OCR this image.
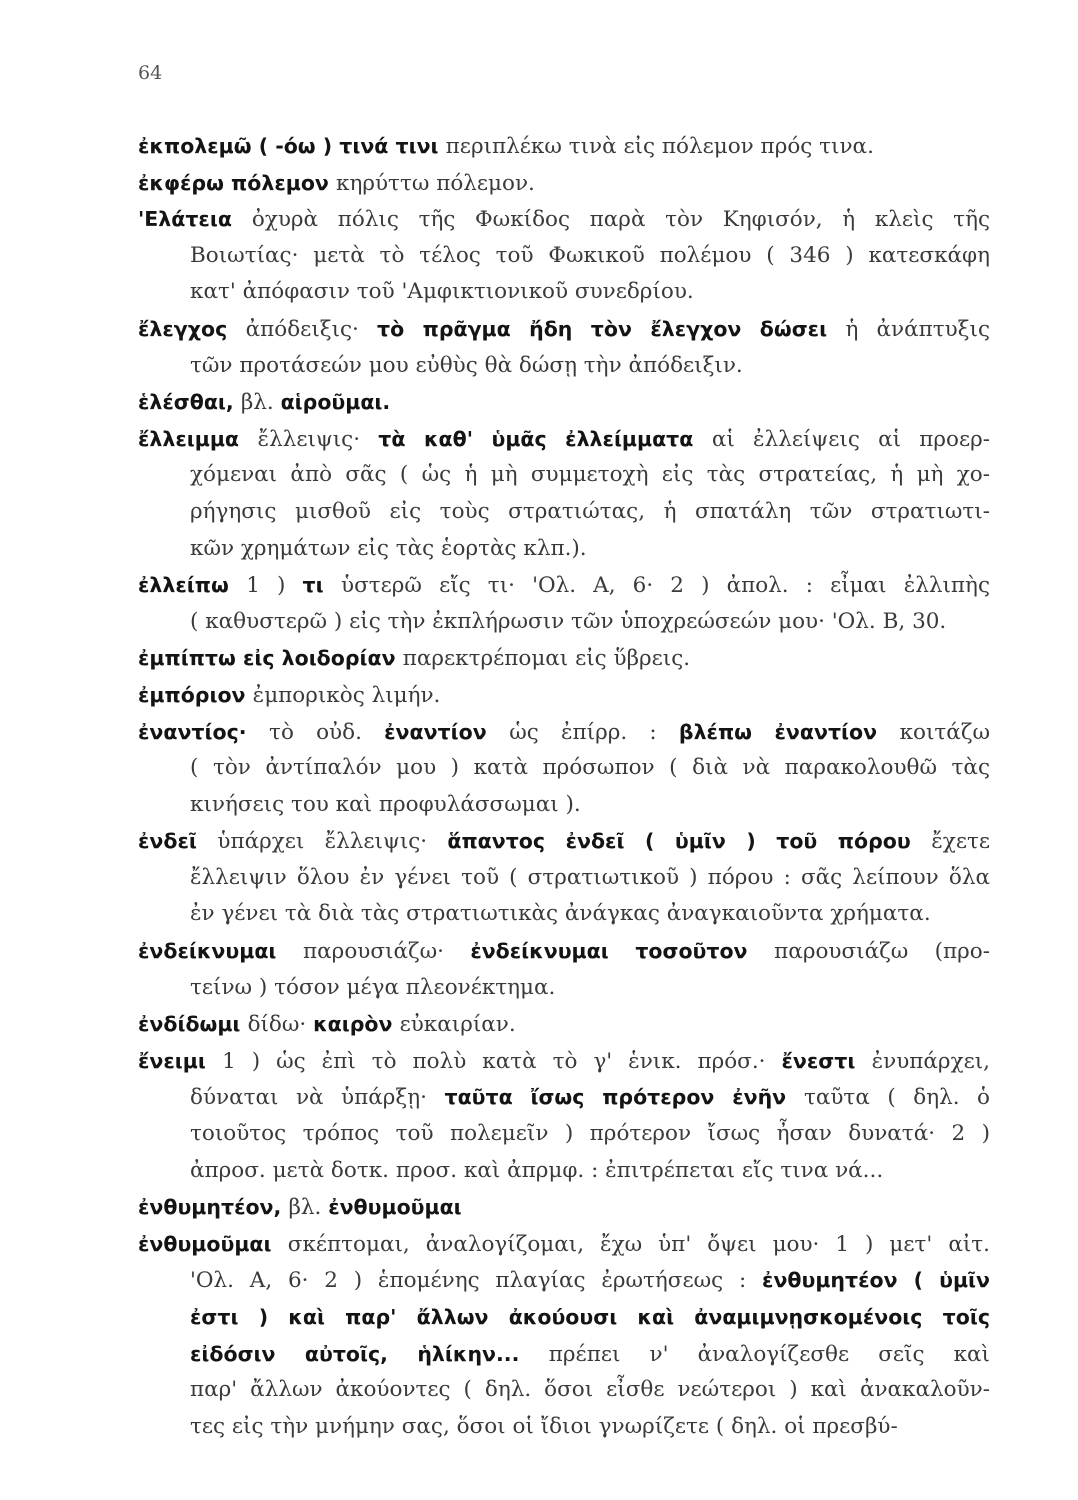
64
ἐκπολεμῶ ( -όω ) τινά τινι περιπλέκω τινὰ εἰς πόλεμον πρός τινα.
ἐκφέρω πόλεμον κηρύττω πόλεμον.
'Ελάτεια ὀχυρὰ πόλις τῆς Φωκίδος παρὰ τὸν Κηφισόν, ἡ κλεὶς τῆς
Βοιωτίας· μετὰ τὸ τέλος τοῦ Φωκικοῦ πολέμου ( 346 ) κατεσκάφη
κατ' ἀπόφασιν τοῦ 'Αμφικτιονικοῦ συνεδρίου.
ἔλεγχος ἀπόδειξις· τὸ πρᾶγμα ἤδη τὸν ἔλεγχον δώσει ἡ ἀνάπτυξις
τῶν προτάσεών μου εὐθὺς θὰ δώσῃ τὴν ἀπόδειξιν.
ἑλέσθαι, βλ. αἱροῦμαι.
ἔλλειμμα ἔλλειψις· τὰ καθ' ὑμᾶς ἐλλείμματα αἱ ἐλλείψεις αἱ προερ-
χόμεναι ἀπὸ σᾶς ( ὡς ἡ μὴ συμμετοχὴ εἰς τὰς στρατείας, ἡ μὴ χο-
ρήγησις μισθοῦ εἰς τοὺς στρατιώτας, ἡ σπατάλη τῶν στρατιωτι-
κῶν χρημάτων εἰς τὰς ἑορτὰς κλπ.).
ἐλλείπω 1 ) τι ὑστερῶ εἴς τι· 'Ολ. Α, 6· 2 ) ἀπολ. : εἶμαι ἐλλιπὴς
( καθυστερῶ ) εἰς τὴν ἐκπλήρωσιν τῶν ὑποχρεώσεών μου· 'Ολ. Β, 30.
ἐμπίπτω εἰς λοιδορίαν παρεκτρέπομαι εἰς ὕβρεις.
ἐμπόριον ἐμπορικὸς λιμήν.
ἐναντίος· τὸ οὐδ. ἐναντίον ὡς ἐπίρρ. : βλέπω ἐναντίον κοιτάζω
( τὸν ἀντίπαλόν μου ) κατὰ πρόσωπον ( διὰ νὰ παρακολουθῶ τὰς
κινήσεις του καὶ προφυλάσσωμαι ).
ἐνδεῖ ὑπάρχει ἔλλειψις· ἅπαντος ἐνδεῖ ( ὑμῖν ) τοῦ πόρου ἔχετε
ἔλλειψιν ὅλου ἐν γένει τοῦ ( στρατιωτικοῦ ) πόρου : σᾶς λείπουν ὅλα
ἐν γένει τὰ διὰ τὰς στρατιωτικὰς ἀνάγκας ἀναγκαιοῦντα χρήματα.
ἐνδείκνυμαι παρουσιάζω· ἐνδείκνυμαι τοσοῦτον παρουσιάζω (προ-
τείνω ) τόσον μέγα πλεονέκτημα.
ἐνδίδωμι δίδω· καιρὸν εὐκαιρίαν.
ἔνειμι 1 ) ὡς ἐπὶ τὸ πολὺ κατὰ τὸ γ' ἑνικ. πρόσ.· ἔνεστι ἐνυπάρχει,
δύναται νὰ ὑπάρξῃ· ταῦτα ἴσως πρότερον ἐνῆν ταῦτα ( δηλ. ὁ
τοιοῦτος τρόπος τοῦ πολεμεῖν ) πρότερον ἴσως ἦσαν δυνατά· 2 )
ἀπροσ. μετὰ δοτκ. προσ. καὶ ἀπρμφ. : ἐπιτρέπεται εἴς τινα νά...
ἐνθυμητέον, βλ. ἐνθυμοῦμαι
ἐνθυμοῦμαι σκέπτομαι, ἀναλογίζομαι, ἔχω ὑπ' ὄψει μου· 1 ) μετ' αἰτ.
'Ολ. Α, 6· 2 ) ἑπομένης πλαγίας ἐρωτήσεως : ἐνθυμητέον ( ὑμῖν
ἐστι ) καὶ παρ' ἄλλων ἀκούουσι καὶ ἀναμιμνῃσκομένοις τοῖς
εἰδόσιν αὐτοῖς, ἡλίκην... πρέπει ν' ἀναλογίζεσθε σεῖς καὶ
παρ' ἄλλων ἀκούοντες ( δηλ. ὅσοι εἶσθε νεώτεροι ) καὶ ἀνακαλοῦν-
τες εἰς τὴν μνήμην σας, ὅσοι οἱ ἴδιοι γνωρίζετε ( δηλ. οἱ πρεσβύ-
